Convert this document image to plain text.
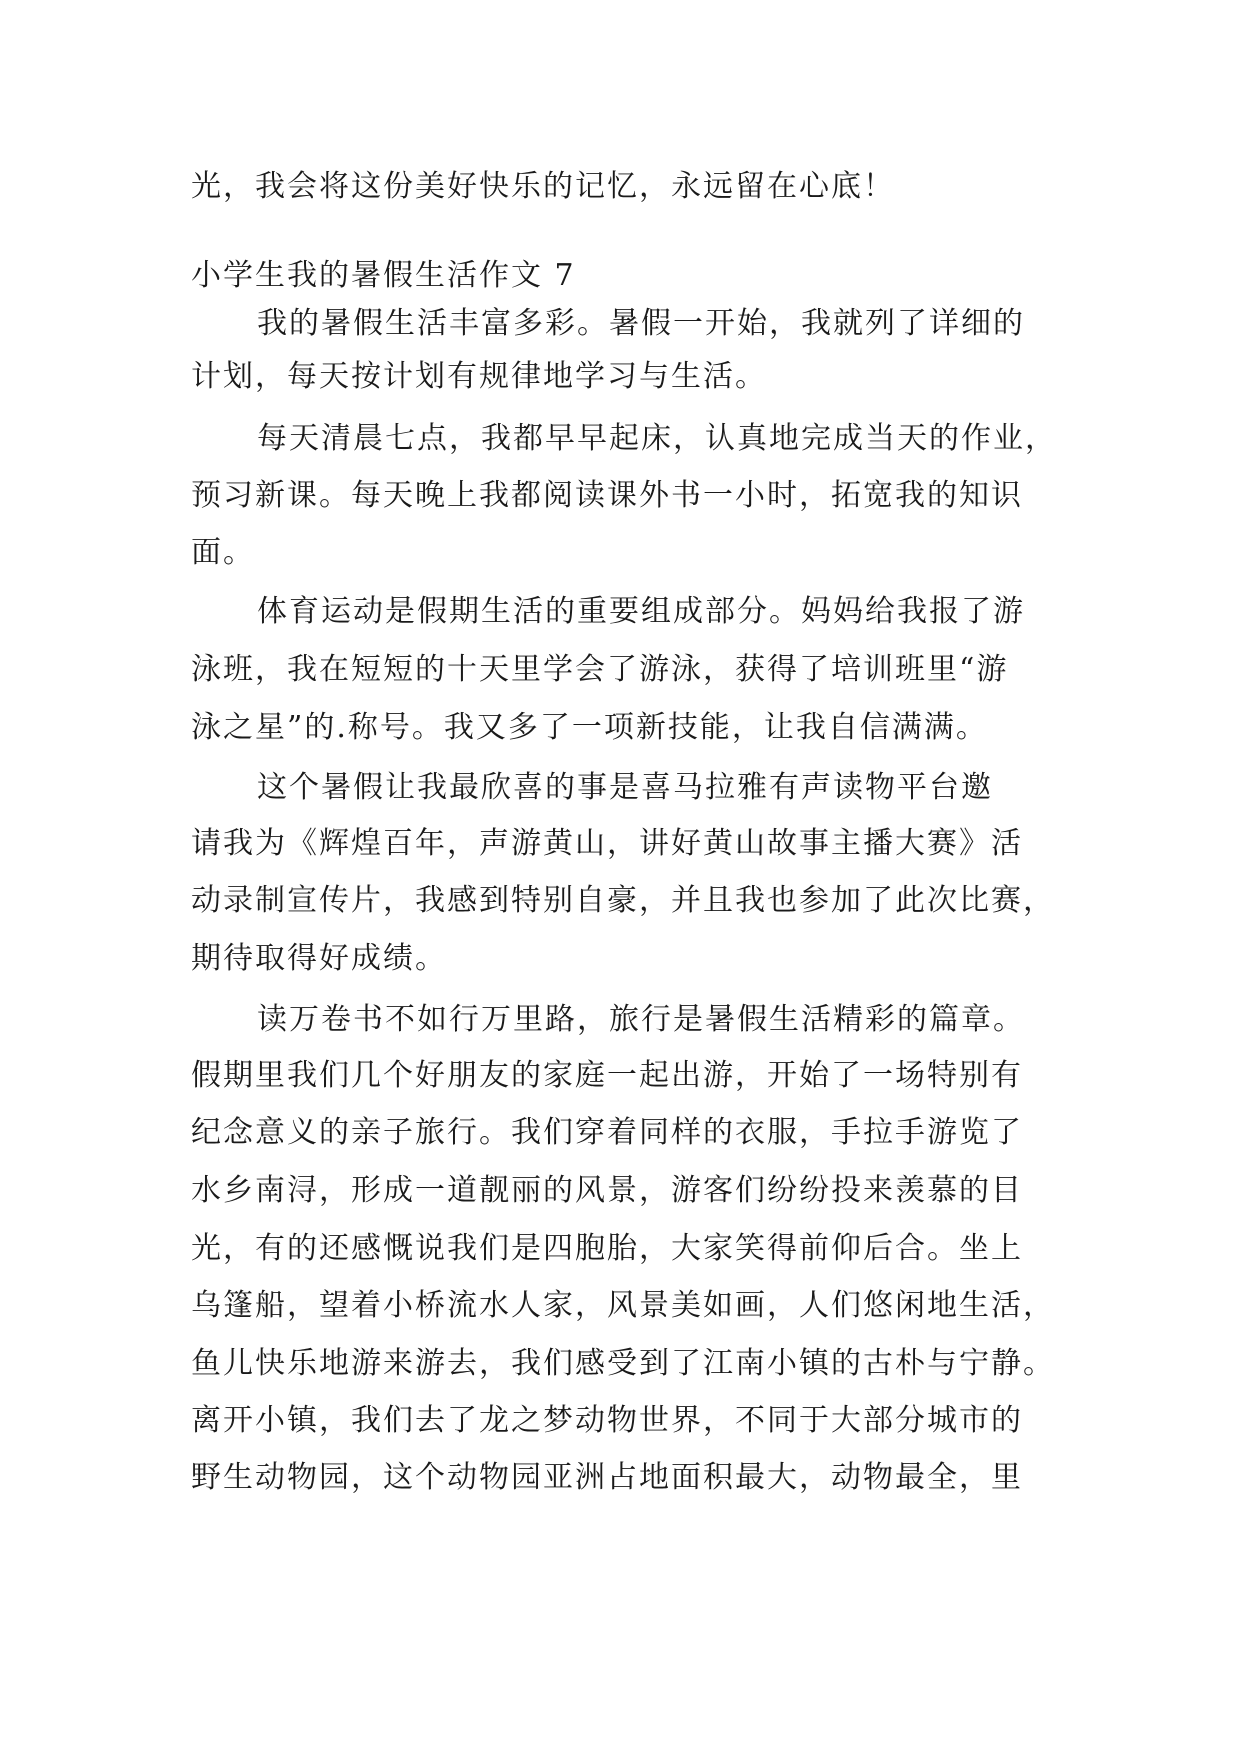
光，我会将这份美好快乐的记忆，永远留在心底！
小学生我的暑假生活作文 7
我的暑假生活丰富多彩。暑假一开始，我就列了详细的
计划，每天按计划有规律地学习与生活。
每天清晨七点，我都早早起床，认真地完成当天的作业，
预习新课。每天晚上我都阅读课外书一小时，拓宽我的知识
面。
体育运动是假期生活的重要组成部分。妈妈给我报了游
泳班，我在短短的十天里学会了游泳，获得了培训班里“游
泳之星”的.称号。我又多了一项新技能，让我自信满满。
这个暑假让我最欣喜的事是喜马拉雅有声读物平台邀
请我为《辉煌百年，声游黄山，讲好黄山故事主播大赛》活
动录制宣传片，我感到特别自豪，并且我也参加了此次比赛，
期待取得好成绩。
读万卷书不如行万里路，旅行是暑假生活精彩的篇章。
假期里我们几个好朋友的家庭一起出游，开始了一场特别有
纪念意义的亲子旅行。我们穿着同样的衣服，手拉手游览了
水乡南浔，形成一道靓丽的风景，游客们纷纷投来羡慕的目
光，有的还感慨说我们是四胞胎，大家笑得前仰后合。坐上
乌篷船，望着小桥流水人家，风景美如画，人们悠闲地生活，
鱼儿快乐地游来游去，我们感受到了江南小镇的古朴与宁静。
离开小镇，我们去了龙之梦动物世界，不同于大部分城市的
野生动物园，这个动物园亚洲占地面积最大，动物最全，里
